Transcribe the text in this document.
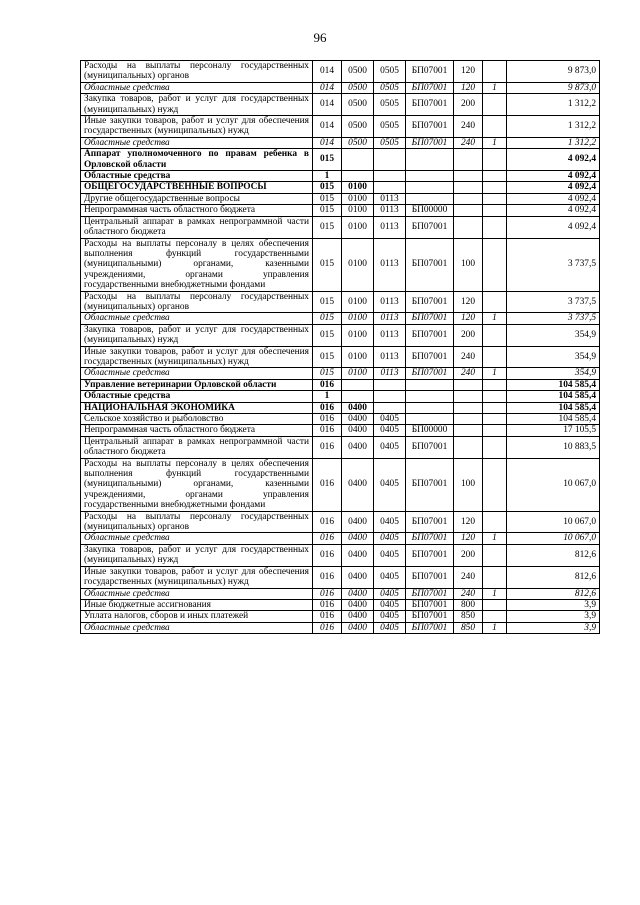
96
Расходы на выплаты персоналу государственных (муниципальных) органов	014	0500	0505	БП07001	120		9 873,0
Областные средства	014	0500	0505	БП07001	120	1	9 873,0
Закупка товаров, работ и услуг для государственных (муниципальных) нужд	014	0500	0505	БП07001	200		1 312,2
Иные закупки товаров, работ и услуг для обеспечения государственных (муниципальных) нужд	014	0500	0505	БП07001	240		1 312,2
Областные средства	014	0500	0505	БП07001	240	1	1 312,2
Аппарат уполномоченного по правам ребенка в Орловской области	015						4 092,4
Областные средства	1						4 092,4
ОБЩЕГОСУДАРСТВЕННЫЕ ВОПРОСЫ	015	0100					4 092,4
Другие общегосударственные вопросы	015	0100	0113				4 092,4
Непрограммная часть областного бюджета	015	0100	0113	БП00000			4 092,4
Центральный аппарат в рамках непрограммной части областного бюджета	015	0100	0113	БП07001			4 092,4
Расходы на выплаты персоналу в целях обеспечения выполнения функций государственными (муниципальными) органами, казенными учреждениями, органами управления государственными внебюджетными фондами	015	0100	0113	БП07001	100		3 737,5
Расходы на выплаты персоналу государственных (муниципальных) органов	015	0100	0113	БП07001	120		3 737,5
Областные средства	015	0100	0113	БП07001	120	1	3 737,5
Закупка товаров, работ и услуг для государственных (муниципальных) нужд	015	0100	0113	БП07001	200		354,9
Иные закупки товаров, работ и услуг для обеспечения государственных (муниципальных) нужд	015	0100	0113	БП07001	240		354,9
Областные средства	015	0100	0113	БП07001	240	1	354,9
Управление ветеринарии Орловской области	016						104 585,4
Областные средства	1						104 585,4
НАЦИОНАЛЬНАЯ ЭКОНОМИКА	016	0400					104 585,4
Сельское хозяйство и рыболовство	016	0400	0405				104 585,4
Непрограммная часть областного бюджета	016	0400	0405	БП00000			17 105,5
Центральный аппарат в рамках непрограммной части областного бюджета	016	0400	0405	БП07001			10 883,5
Расходы на выплаты персоналу в целях обеспечения выполнения функций государственными (муниципальными) органами, казенными учреждениями, органами управления государственными внебюджетными фондами	016	0400	0405	БП07001	100		10 067,0
Расходы на выплаты персоналу государственных (муниципальных) органов	016	0400	0405	БП07001	120		10 067,0
Областные средства	016	0400	0405	БП07001	120	1	10 067,0
Закупка товаров, работ и услуг для государственных (муниципальных) нужд	016	0400	0405	БП07001	200		812,6
Иные закупки товаров, работ и услуг для обеспечения государственных (муниципальных) нужд	016	0400	0405	БП07001	240		812,6
Областные средства	016	0400	0405	БП07001	240	1	812,6
Иные бюджетные ассигнования	016	0400	0405	БП07001	800		3,9
Уплата налогов, сборов и иных платежей	016	0400	0405	БП07001	850		3,9
Областные средства	016	0400	0405	БП07001	850	1	3,9
